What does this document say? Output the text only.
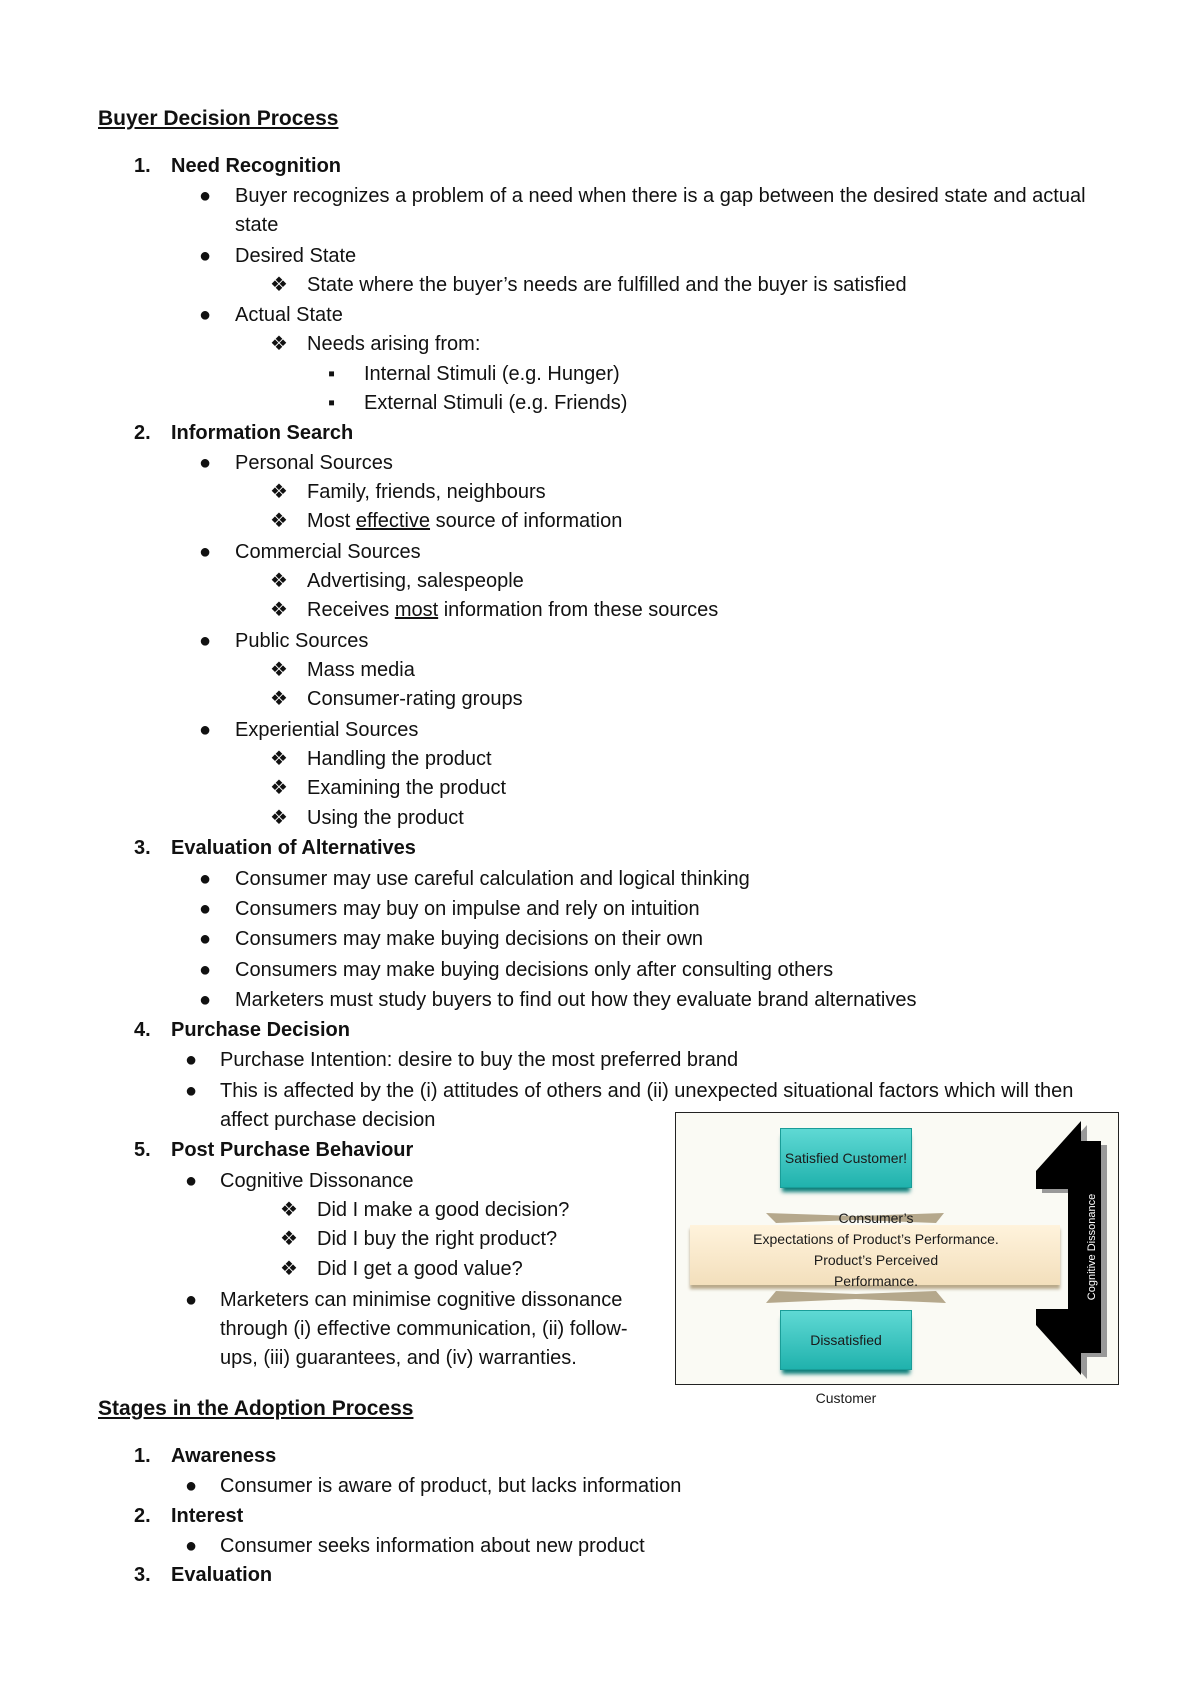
Buyer Decision Process
1. Need Recognition
● Buyer recognizes a problem of a need when there is a gap between the desired state and actual
state
● Desired State
❖ State where the buyer’s needs are fulfilled and the buyer is satisfied
● Actual State
❖ Needs arising from:
▪ Internal Stimuli (e.g. Hunger)
▪ External Stimuli (e.g. Friends)
2. Information Search
● Personal Sources
❖ Family, friends, neighbours
❖ Most effective source of information
● Commercial Sources
❖ Advertising, salespeople
❖ Receives most information from these sources
● Public Sources
❖ Mass media
❖ Consumer-rating groups
● Experiential Sources
❖ Handling the product
❖ Examining the product
❖ Using the product
3. Evaluation of Alternatives
● Consumer may use careful calculation and logical thinking
● Consumers may buy on impulse and rely on intuition
● Consumers may make buying decisions on their own
● Consumers may make buying decisions only after consulting others
● Marketers must study buyers to find out how they evaluate brand alternatives
4. Purchase Decision
● Purchase Intention: desire to buy the most preferred brand
● This is affected by the (i) attitudes of others and (ii) unexpected situational factors which will then
affect purchase decision
5. Post Purchase Behaviour
● Cognitive Dissonance
❖ Did I make a good decision?
❖ Did I buy the right product?
❖ Did I get a good value?
● Marketers can minimise cognitive dissonance
through (i) effective communication, (ii) follow-
ups, (iii) guarantees, and (iv) warranties.
Satisfied Customer!
Consumer’s
Expectations of Product’s Performance.
Product’s Perceived
Performance.
Dissatisfied Customer
Cognitive Dissonance
Stages in the Adoption Process
1. Awareness
● Consumer is aware of product, but lacks information
2. Interest
● Consumer seeks information about new product
3. Evaluation
